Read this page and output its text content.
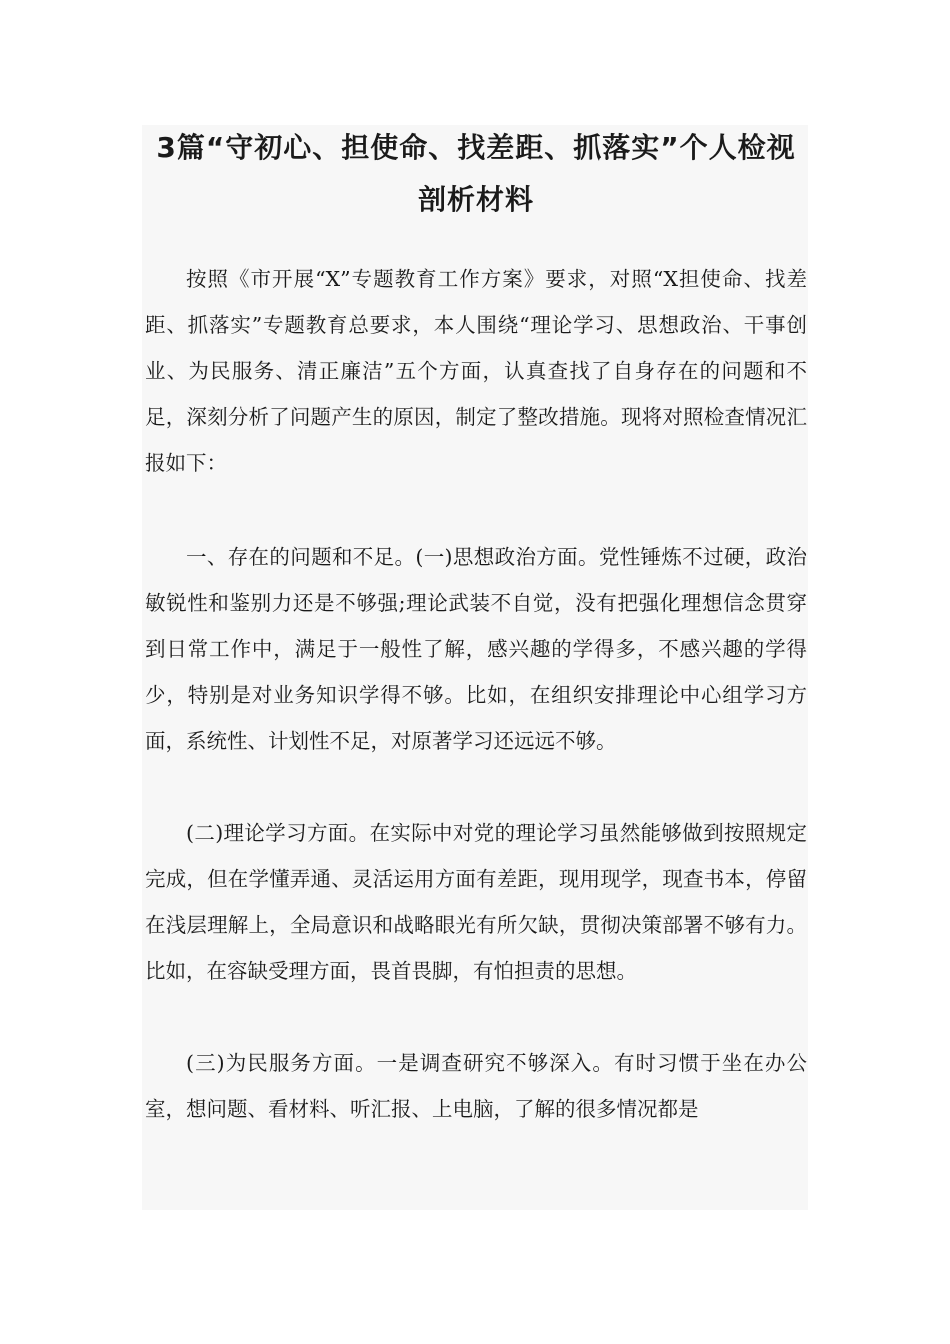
3篇“守初心、担使命、找差距、抓落实”个人检视剖析材料

按照《市开展“X”专题教育工作方案》要求，对照“X担使命、找差距、抓落实”专题教育总要求，本人围绕“理论学习、思想政治、干事创业、为民服务、清正廉洁”五个方面，认真查找了自身存在的问题和不足，深刻分析了问题产生的原因，制定了整改措施。现将对照检查情况汇报如下：

一、存在的问题和不足。(一)思想政治方面。党性锤炼不过硬，政治敏锐性和鉴别力还是不够强;理论武装不自觉，没有把强化理想信念贯穿到日常工作中，满足于一般性了解，感兴趣的学得多，不感兴趣的学得少，特别是对业务知识学得不够。比如，在组织安排理论中心组学习方面，系统性、计划性不足，对原著学习还远远不够。

(二)理论学习方面。在实际中对党的理论学习虽然能够做到按照规定完成，但在学懂弄通、灵活运用方面有差距，现用现学，现查书本，停留在浅层理解上，全局意识和战略眼光有所欠缺，贯彻决策部署不够有力。比如，在容缺受理方面，畏首畏脚，有怕担责的思想。

(三)为民服务方面。一是调查研究不够深入。有时习惯于坐在办公室，想问题、看材料、听汇报、上电脑，了解的很多情况都是
